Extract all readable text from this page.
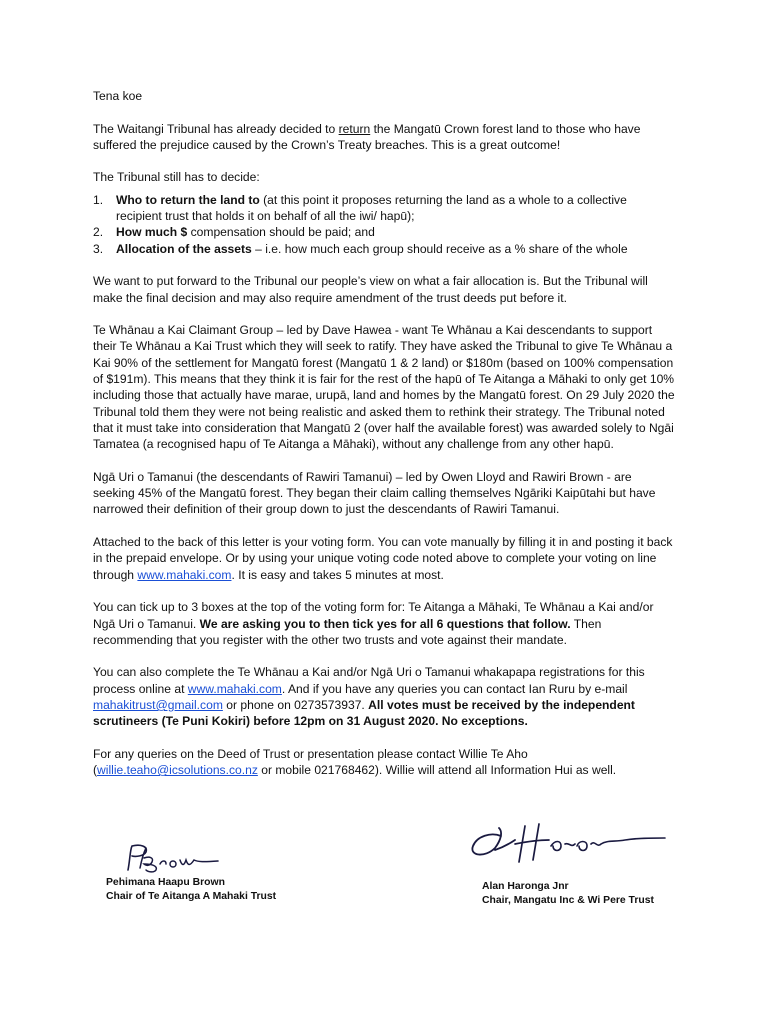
Tena koe

The Waitangi Tribunal has already decided to return the Mangatū Crown forest land to those who have suffered the prejudice caused by the Crown’s Treaty breaches. This is a great outcome!

The Tribunal still has to decide:

1. Who to return the land to (at this point it proposes returning the land as a whole to a collective recipient trust that holds it on behalf of all the iwi/ hapū);
2. How much $ compensation should be paid; and
3. Allocation of the assets – i.e. how much each group should receive as a % share of the whole

We want to put forward to the Tribunal our people’s view on what a fair allocation is. But the Tribunal will make the final decision and may also require amendment of the trust deeds put before it.

Te Whānau a Kai Claimant Group – led by Dave Hawea - want Te Whānau a Kai descendants to support their Te Whānau a Kai Trust which they will seek to ratify. They have asked the Tribunal to give Te Whānau a Kai 90% of the settlement for Mangatū forest (Mangatū 1 & 2 land) or $180m (based on 100% compensation of $191m). This means that they think it is fair for the rest of the hapū of Te Aitanga a Māhaki to only get 10% including those that actually have marae, urupā, land and homes by the Mangatū forest. On 29 July 2020 the Tribunal told them they were not being realistic and asked them to rethink their strategy. The Tribunal noted that it must take into consideration that Mangatū 2 (over half the available forest) was awarded solely to Ngāi Tamatea (a recognised hapu of Te Aitanga a Māhaki), without any challenge from any other hapū.

Ngā Uri o Tamanui (the descendants of Rawiri Tamanui) – led by Owen Lloyd and Rawiri Brown - are seeking 45% of the Mangatū forest. They began their claim calling themselves Ngāriki Kaipūtahi but have narrowed their definition of their group down to just the descendants of Rawiri Tamanui.

Attached to the back of this letter is your voting form. You can vote manually by filling it in and posting it back in the prepaid envelope. Or by using your unique voting code noted above to complete your voting on line through www.mahaki.com. It is easy and takes 5 minutes at most.

You can tick up to 3 boxes at the top of the voting form for: Te Aitanga a Māhaki, Te Whānau a Kai and/or Ngā Uri o Tamanui. We are asking you to then tick yes for all 6 questions that follow. Then recommending that you register with the other two trusts and vote against their mandate.

You can also complete the Te Whānau a Kai and/or Ngā Uri o Tamanui whakapapa registrations for this process online at www.mahaki.com. And if you have any queries you can contact Ian Ruru by e-mail mahakitrust@gmail.com or phone on 0273573937. All votes must be received by the independent scrutineers (Te Puni Kokiri) before 12pm on 31 August 2020. No exceptions.

For any queries on the Deed of Trust or presentation please contact Willie Te Aho (willie.teaho@icsolutions.co.nz or mobile 021768462). Willie will attend all Information Hui as well.

Pehimana Haapu Brown
Chair of Te Aitanga A Mahaki Trust
Alan Haronga Jnr
Chair, Mangatu Inc & Wi Pere Trust
